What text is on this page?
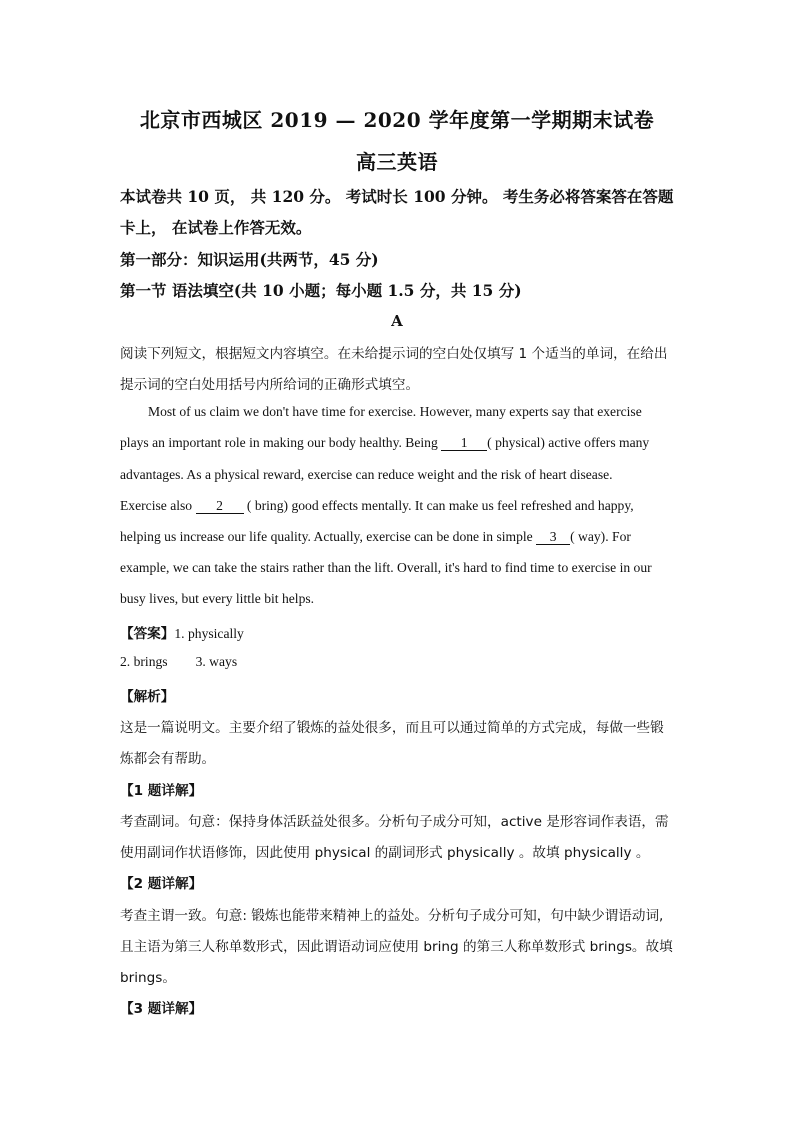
北京市西城区 2019 — 2020 学年度第一学期期末试卷
高三英语
本试卷共 10 页， 共 120 分。 考试时长 100 分钟。 考生务必将答案答在答题
卡上， 在试卷上作答无效。
第一部分：知识运用(共两节，45 分)
第一节 语法填空(共 10 小题；每小题 1.5 分，共 15 分)
A
阅读下列短文，根据短文内容填空。在未给提示词的空白处仅填写 1 个适当的单词，在给出
提示词的空白处用括号内所给词的正确形式填空。
Most of us claim we don't have time for exercise. However, many experts say that exercise
plays an important role in making our body healthy. Being 1 ( physical) active offers many
advantages. As a physical reward, exercise can reduce weight and the risk of heart disease.
Exercise also 2 ( bring) good effects mentally. It can make us feel refreshed and happy,
helping us increase our life quality. Actually, exercise can be done in simple 3 ( way). For
example, we can take the stairs rather than the lift. Overall, it's hard to find time to exercise in our
busy lives, but every little bit helps.
【答案】1. physically
2. brings 3. ways
【解析】
这是一篇说明文。主要介绍了锻炼的益处很多，而且可以通过简单的方式完成，每做一些锻
炼都会有帮助。
【1 题详解】
考查副词。句意：保持身体活跃益处很多。分析句子成分可知，active 是形容词作表语，需
使用副词作状语修饰，因此使用 physical 的副词形式 physically 。故填 physically 。
【2 题详解】
考查主谓一致。句意: 锻炼也能带来精神上的益处。分析句子成分可知，句中缺少谓语动词,
且主语为第三人称单数形式，因此谓语动词应使用 bring 的第三人称单数形式 brings。故填
brings。
【3 题详解】
